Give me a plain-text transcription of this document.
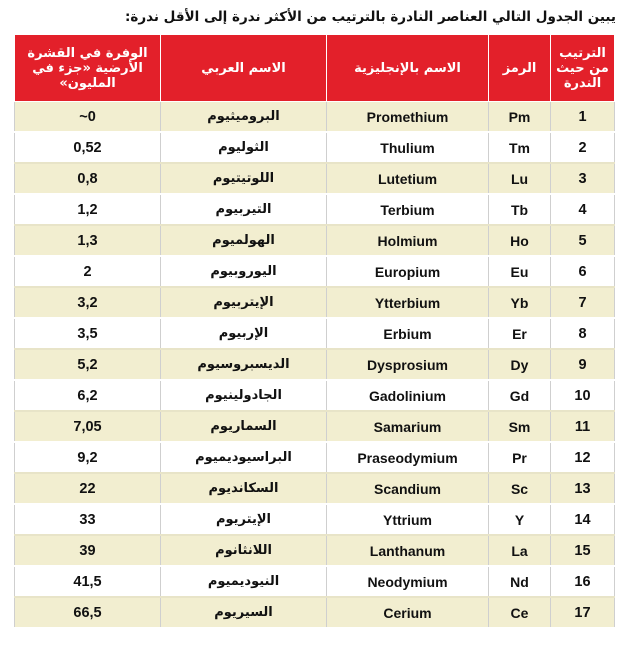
يبين الجدول التالي العناصر النادرة بالترتيب من الأكثر ندرة إلى الأقل ندرة:
الترتيب من حيث الندرة	الرمز	الاسم بالإنجليزية	الاسم العربي	الوفرة في القشرة الأرضية «جزء في المليون»
1	Pm	Promethium	البروميثيوم	0~
2	Tm	Thulium	الثوليوم	0,52
3	Lu	Lutetium	اللوتيتيوم	0,8
4	Tb	Terbium	التيربيوم	1,2
5	Ho	Holmium	الهولميوم	1,3
6	Eu	Europium	اليوروبيوم	2
7	Yb	Ytterbium	الإيتربيوم	3,2
8	Er	Erbium	الإربيوم	3,5
9	Dy	Dysprosium	الديسبروسيوم	5,2
10	Gd	Gadolinium	الجادولينيوم	6,2
11	Sm	Samarium	السماريوم	7,05
12	Pr	Praseodymium	البراسيوديميوم	9,2
13	Sc	Scandium	السكانديوم	22
14	Y	Yttrium	الإيتريوم	33
15	La	Lanthanum	اللانثانوم	39
16	Nd	Neodymium	النيوديميوم	41,5
17	Ce	Cerium	السيريوم	66,5
